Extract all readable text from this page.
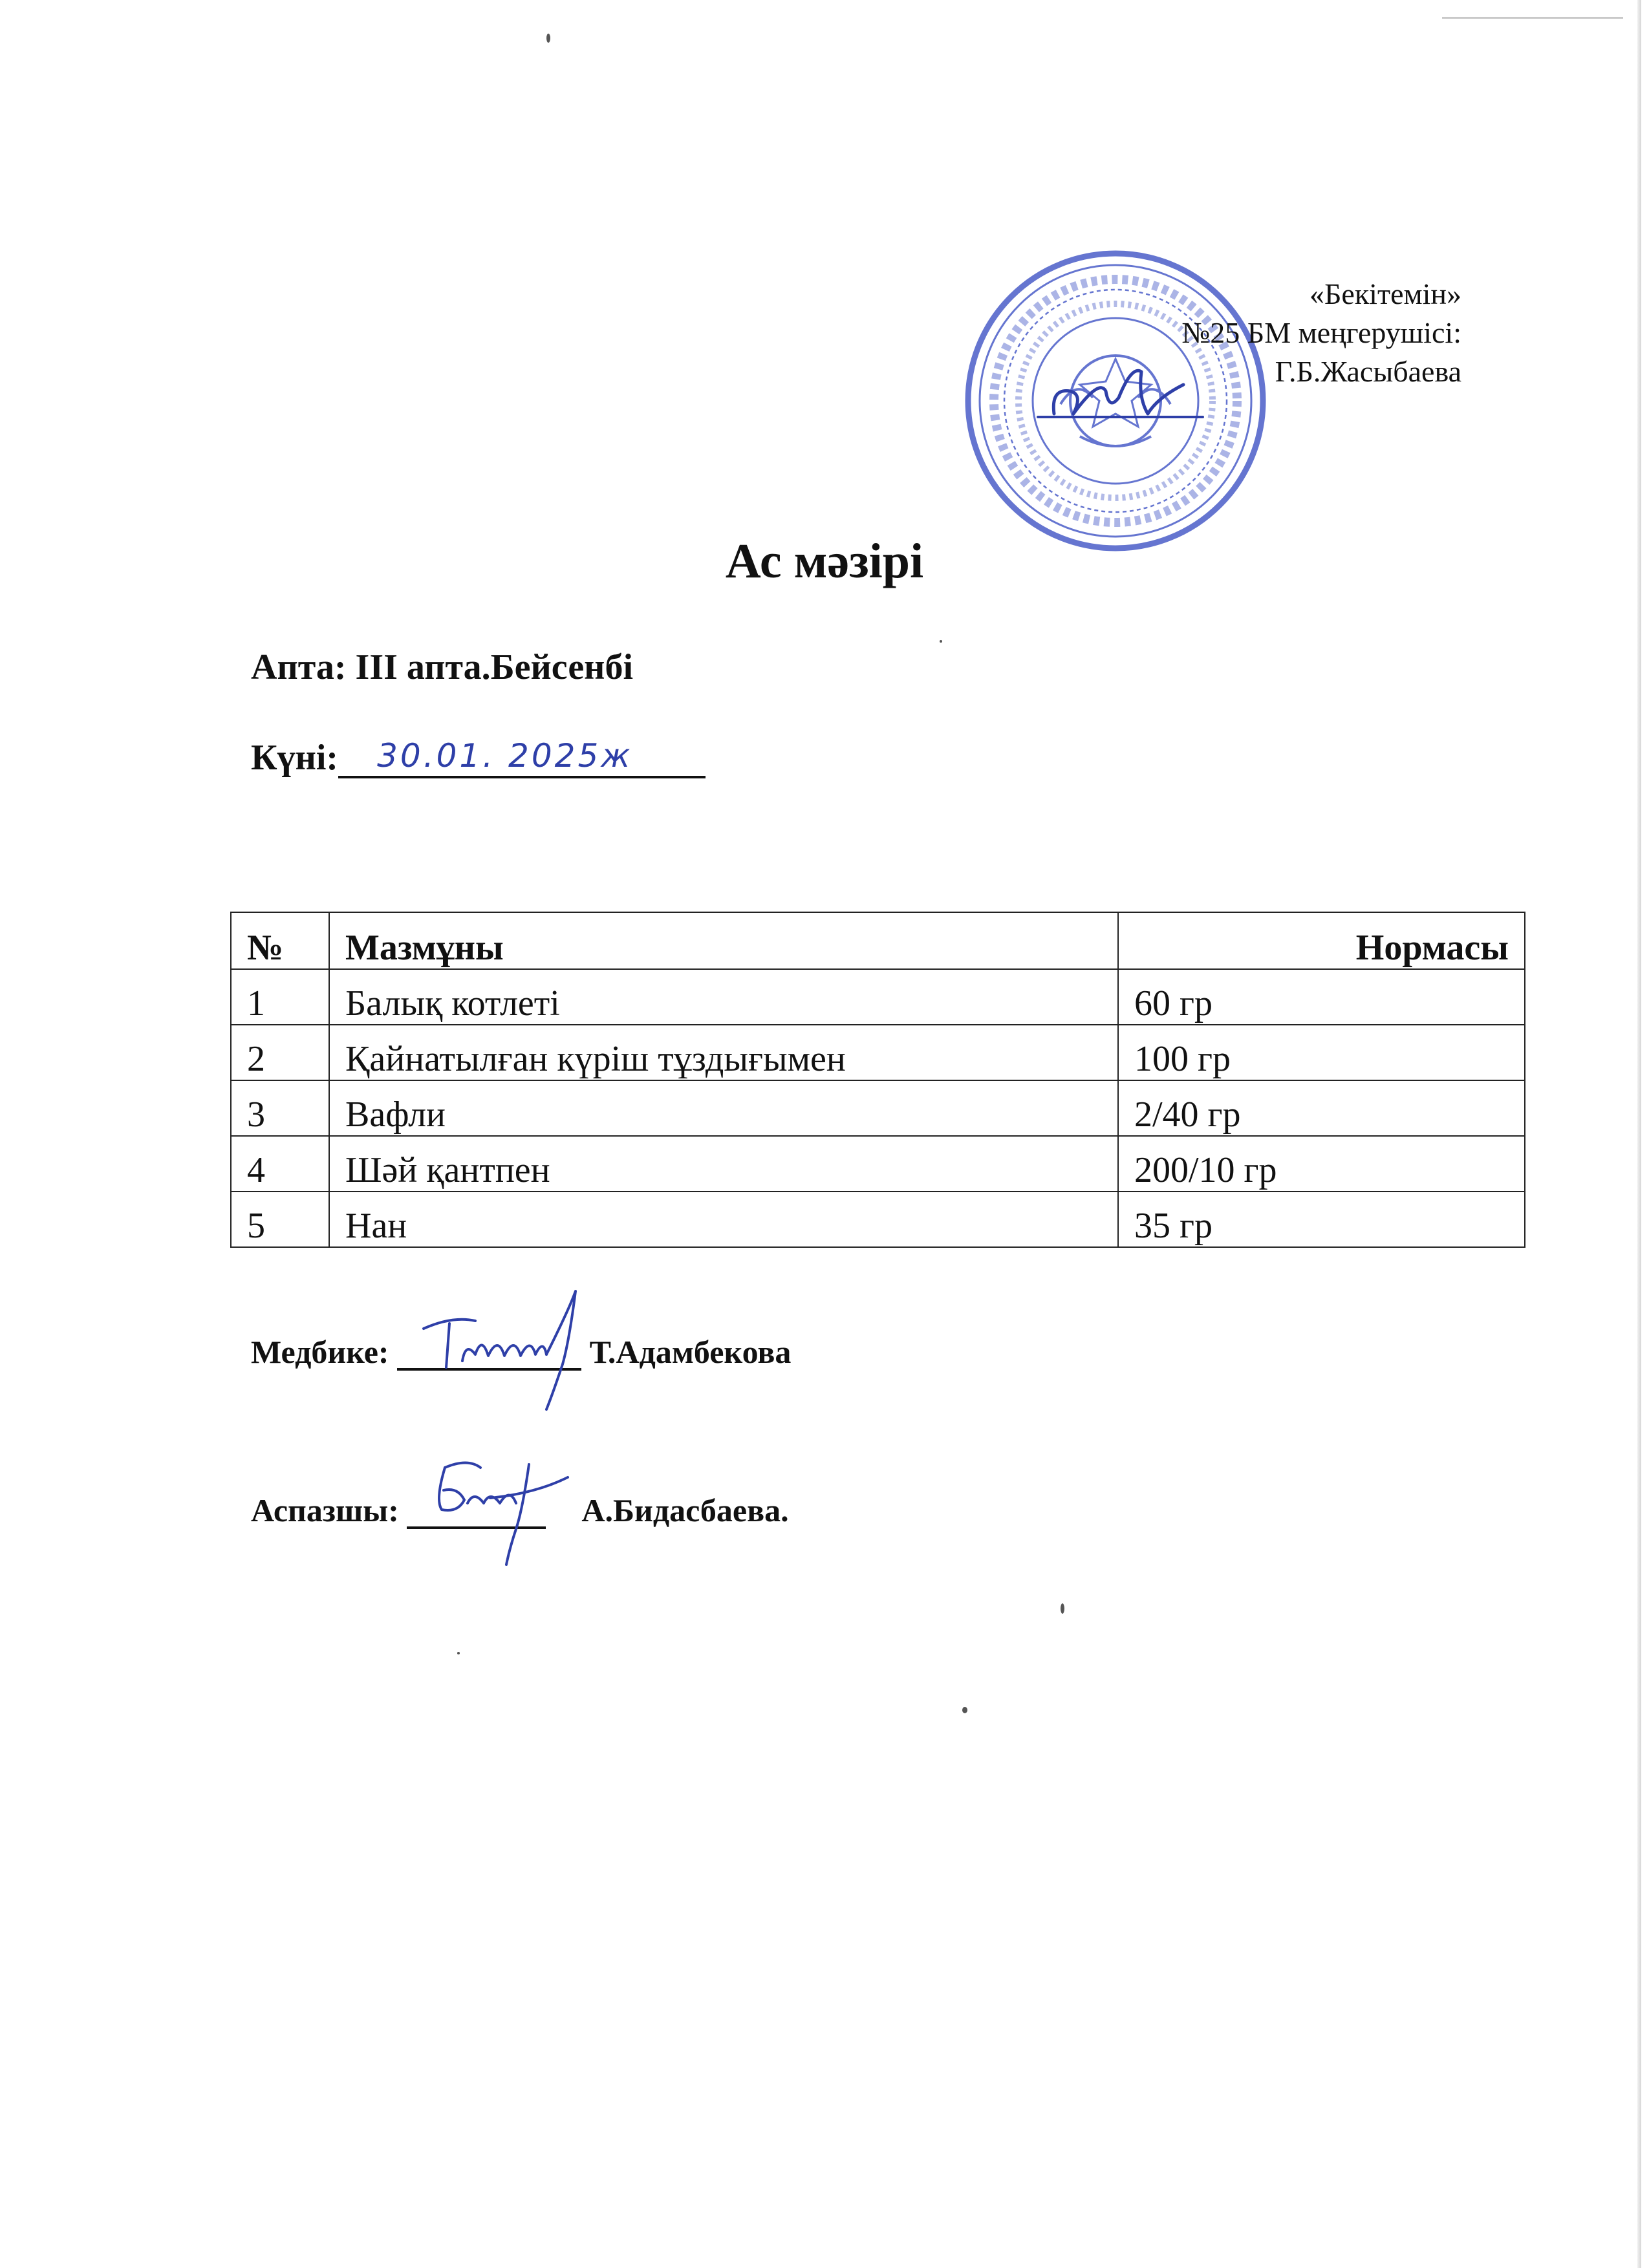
«Бекітемін»
№25 БМ меңгерушісі:
Г.Б.Жасыбаева
Ас мәзірі
Апта: III апта.Бейсенбі
Күні: 30.01. 2025ж
№	Мазмұны	Нормасы
1	Балық котлеті	60 гр
2	Қайнатылған күріш тұздығымен	100 гр
3	Вафли	2/40 гр
4	Шәй қантпен	200/10 гр
5	Нан	35 гр
Медбике:	Т.Адамбекова
Аспазшы:	А.Бидасбаева.
